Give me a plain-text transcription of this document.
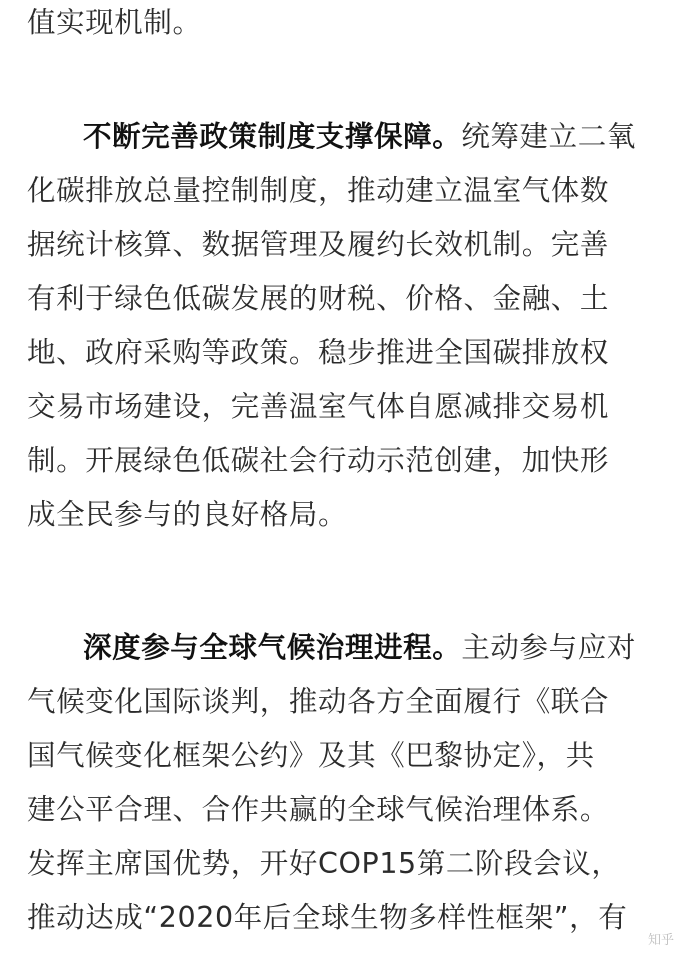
值实现机制。
不断完善政策制度支撑保障。统筹建立二氧
化碳排放总量控制制度，推动建立温室气体数
据统计核算、数据管理及履约长效机制。完善
有利于绿色低碳发展的财税、价格、金融、土
地、政府采购等政策。稳步推进全国碳排放权
交易市场建设，完善温室气体自愿减排交易机
制。开展绿色低碳社会行动示范创建，加快形
成全民参与的良好格局。
深度参与全球气候治理进程。主动参与应对
气候变化国际谈判，推动各方全面履行《联合
国气候变化框架公约》及其《巴黎协定》，共
建公平合理、合作共赢的全球气候治理体系。
发挥主席国优势，开好COP15第二阶段会议，
推动达成“2020年后全球生物多样性框架”，有
知乎
